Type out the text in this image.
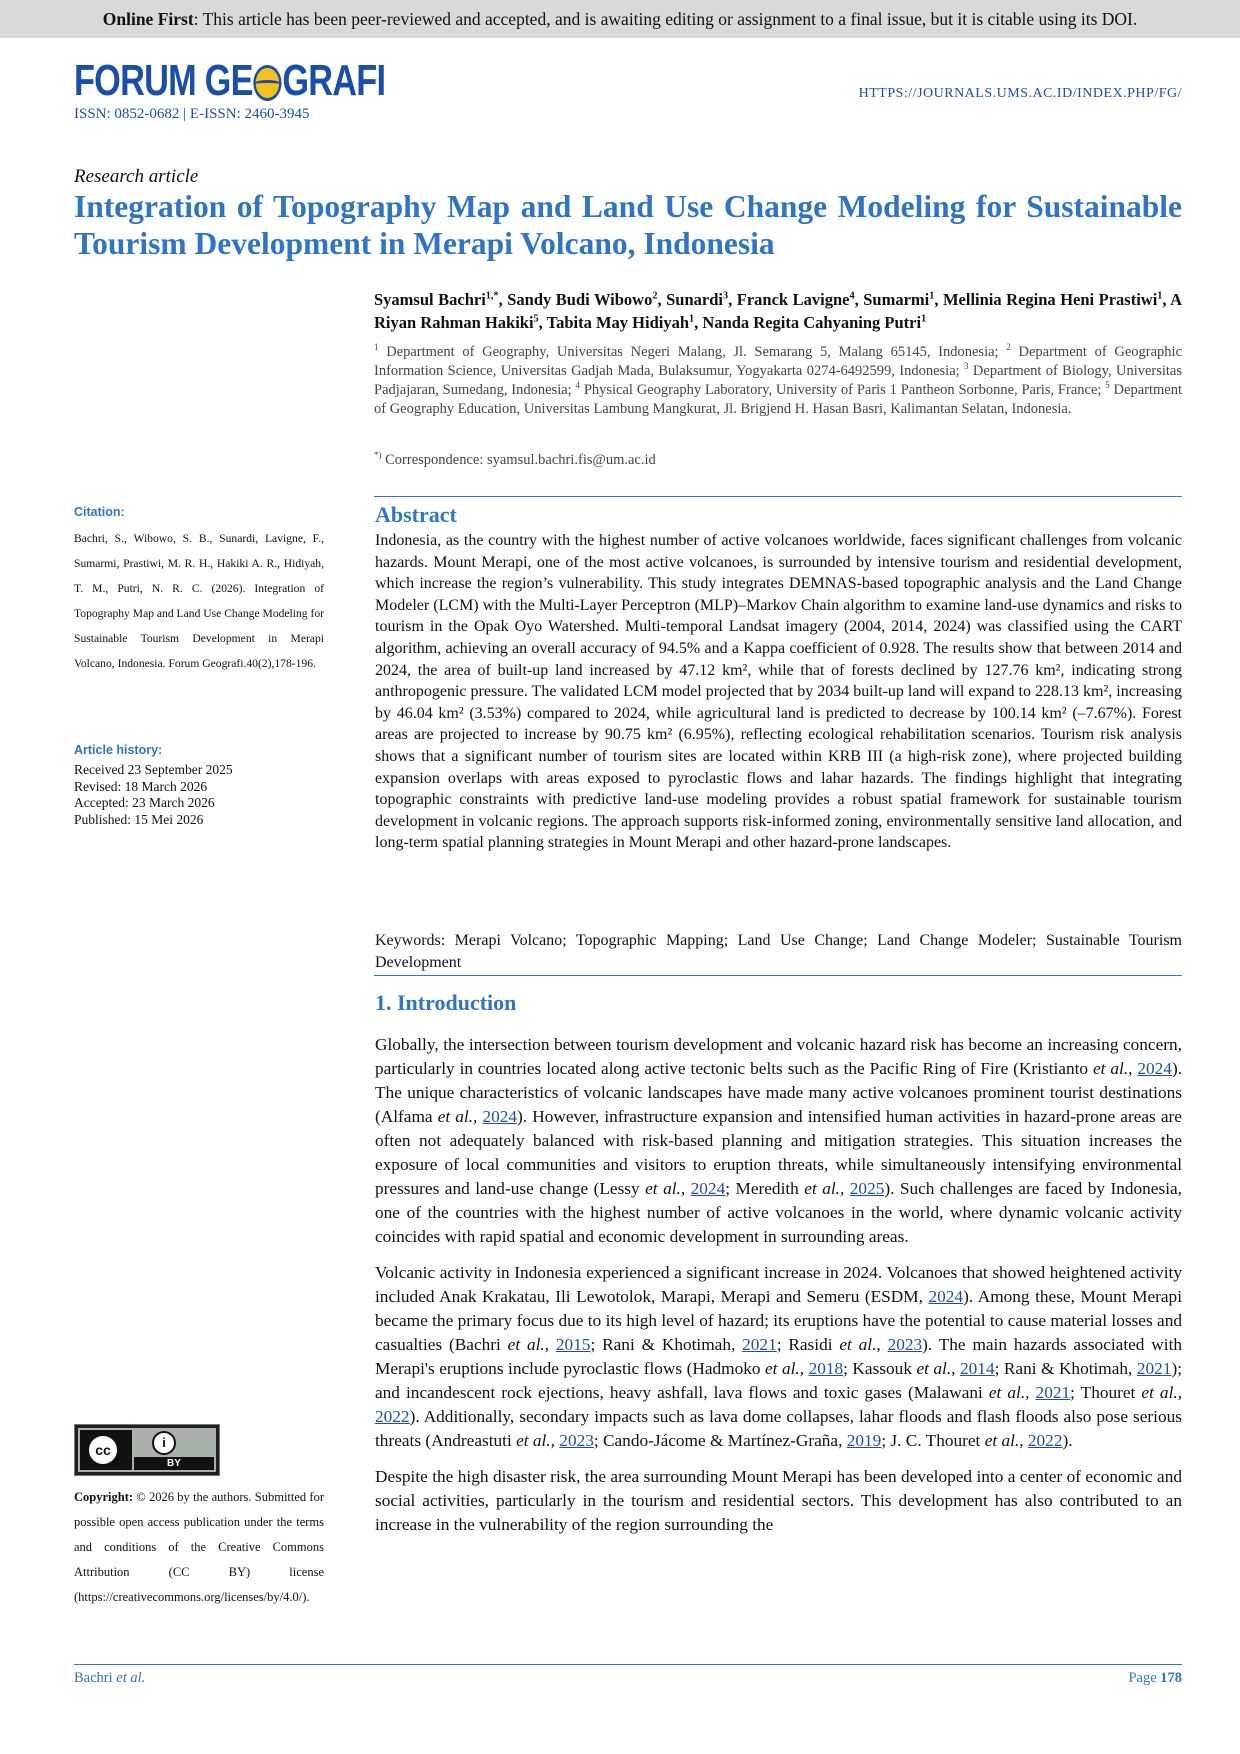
Online First: This article has been peer-reviewed and accepted, and is awaiting editing or assignment to a final issue, but it is citable using its DOI.
FORUM GE GRAFI
ISSN: 0852-0682 | E-ISSN: 2460-3945
HTTPS://JOURNALS.UMS.AC.ID/INDEX.PHP/FG/
Research article
Integration of Topography Map and Land Use Change Modeling for Sustainable Tourism Development in Merapi Volcano, Indonesia
Syamsul Bachri$^{1,*}$, Sandy Budi Wibowo$^2$, Sunardi$^3$, Franck Lavigne$^4$, Sumarmi$^1$, Mellinia Regina Heni Prastiwi$^1$, A Riyan Rahman Hakiki$^5$, Tabita May Hidiyah$^1$, Nanda Regita Cahyaning Putri$^1$
$^1$ Department of Geography, Universitas Negeri Malang, Jl. Semarang 5, Malang 65145, Indonesia; $^2$ Department of Geographic Information Science, Universitas Gadjah Mada, Bulaksumur, Yogyakarta 0274-6492599, Indonesia; $^3$ Department of Biology, Universitas Padjajaran, Sumedang, Indonesia; $^4$ Physical Geography Laboratory, University of Paris 1 Pantheon Sorbonne, Paris, France; $^5$ Department of Geography Education, Universitas Lambung Mangkurat, Jl. Brigjend H. Hasan Basri, Kalimantan Selatan, Indonesia.
*) Correspondence: syamsul.bachri.fis@um.ac.id
Citation:
Bachri, S., Wibowo, S. B., Sunardi, Lavigne, F., Sumarmi, Prastiwi, M. R. H., Hakiki A. R., Hidiyah, T. M., Putri, N. R. C. (2026). Integration of Topography Map and Land Use Change Modeling for Sustainable Tourism Development in Merapi Volcano, Indonesia. Forum Geografi.40(2),178-196.
Article history:
Received 23 September 2025
Revised: 18 March 2026
Accepted: 23 March 2026
Published: 15 Mei 2026
cc	i
BY
Copyright: © 2026 by the authors. Submitted for possible open access publication under the terms and conditions of the Creative Commons Attribution (CC BY) license (https://creativecommons.org/licenses/by/4.0/).
Abstract
Indonesia, as the country with the highest number of active volcanoes worldwide, faces significant challenges from volcanic hazards. Mount Merapi, one of the most active volcanoes, is surrounded by intensive tourism and residential development, which increase the region’s vulnerability. This study integrates DEMNAS-based topographic analysis and the Land Change Modeler (LCM) with the Multi-Layer Perceptron (MLP)–Markov Chain algorithm to examine land-use dynamics and risks to tourism in the Opak Oyo Watershed. Multi-temporal Landsat imagery (2004, 2014, 2024) was classified using the CART algorithm, achieving an overall accuracy of 94.5% and a Kappa coefficient of 0.928. The results show that between 2014 and 2024, the area of built-up land increased by 47.12 km², while that of forests declined by 127.76 km², indicating strong anthropogenic pressure. The validated LCM model projected that by 2034 built-up land will expand to 228.13 km², increasing by 46.04 km² (3.53%) compared to 2024, while agricultural land is predicted to decrease by 100.14 km² (–7.67%). Forest areas are projected to increase by 90.75 km² (6.95%), reflecting ecological rehabilitation scenarios. Tourism risk analysis shows that a significant number of tourism sites are located within KRB III (a high-risk zone), where projected building expansion overlaps with areas exposed to pyroclastic flows and lahar hazards. The findings highlight that integrating topographic constraints with predictive land-use modeling provides a robust spatial framework for sustainable tourism development in volcanic regions. The approach supports risk-informed zoning, environmentally sensitive land allocation, and long-term spatial planning strategies in Mount Merapi and other hazard-prone landscapes.
Keywords: Merapi Volcano; Topographic Mapping; Land Use Change; Land Change Modeler; Sustainable Tourism Development
1. Introduction

Globally, the intersection between tourism development and volcanic hazard risk has become an increasing concern, particularly in countries located along active tectonic belts such as the Pacific Ring of Fire (Kristianto et al., 2024). The unique characteristics of volcanic landscapes have made many active volcanoes prominent tourist destinations (Alfama et al., 2024). However, infrastructure expansion and intensified human activities in hazard-prone areas are often not adequately balanced with risk-based planning and mitigation strategies. This situation increases the exposure of local communities and visitors to eruption threats, while simultaneously intensifying environmental pressures and land-use change (Lessy et al., 2024; Meredith et al., 2025). Such challenges are faced by Indonesia, one of the countries with the highest number of active volcanoes in the world, where dynamic volcanic activity coincides with rapid spatial and economic development in surrounding areas.

Volcanic activity in Indonesia experienced a significant increase in 2024. Volcanoes that showed heightened activity included Anak Krakatau, Ili Lewotolok, Marapi, Merapi and Semeru (ESDM, 2024). Among these, Mount Merapi became the primary focus due to its high level of hazard; its eruptions have the potential to cause material losses and casualties (Bachri et al., 2015; Rani & Khotimah, 2021; Rasidi et al., 2023). The main hazards associated with Merapi's eruptions include pyroclastic flows (Hadmoko et al., 2018; Kassouk et al., 2014; Rani & Khotimah, 2021); and incandescent rock ejections, heavy ashfall, lava flows and toxic gases (Malawani et al., 2021; Thouret et al., 2022). Additionally, secondary impacts such as lava dome collapses, lahar floods and flash floods also pose serious threats (Andreastuti et al., 2023; Cando-Jácome & Martínez-Graña, 2019; J. C. Thouret et al., 2022).

Despite the high disaster risk, the area surrounding Mount Merapi has been developed into a center of economic and social activities, particularly in the tourism and residential sectors. This development has also contributed to an increase in the vulnerability of the region surrounding the

Bachri et al.	Page 178
